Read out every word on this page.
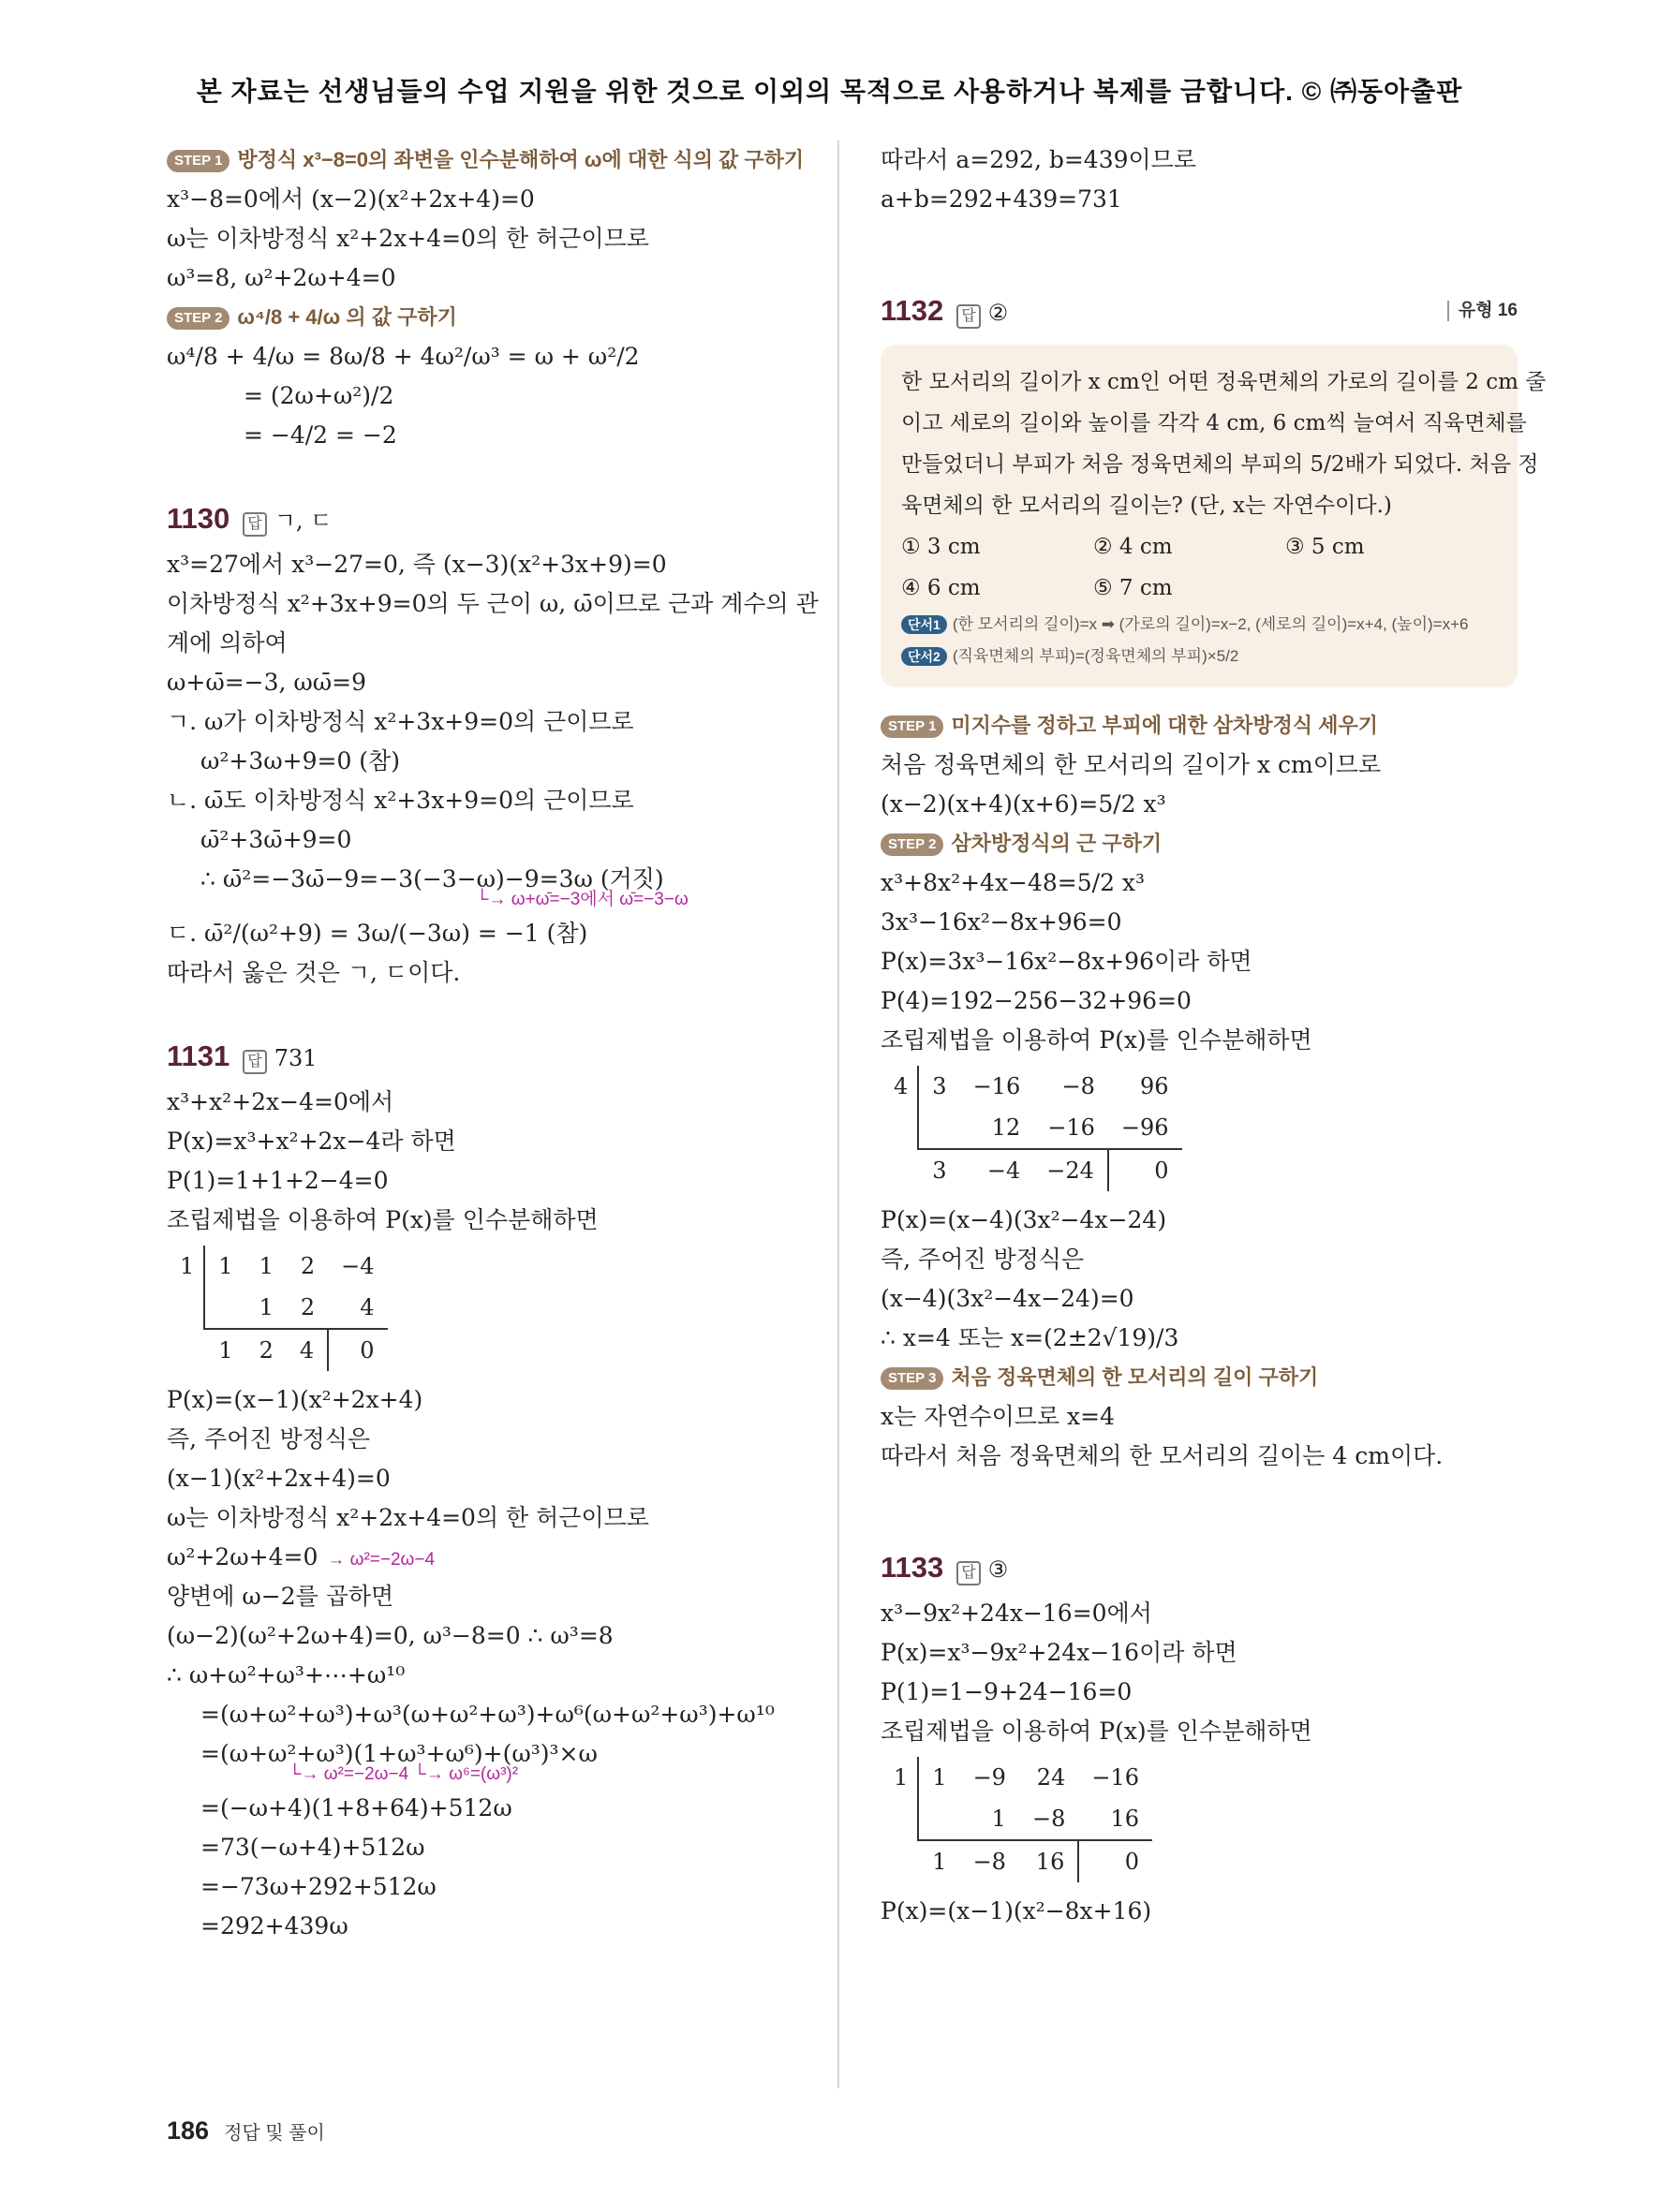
본 자료는 선생님들의 수업 지원을 위한 것으로 이외의 목적으로 사용하거나 복제를 금합니다. © ㈜동아출판
STEP 1 방정식 x³−8=0의 좌변을 인수분해하여 ω에 대한 식의 값 구하기
x³−8=0에서 (x−2)(x²+2x+4)=0
ω는 이차방정식 x²+2x+4=0의 한 허근이므로
ω³=8, ω²+2ω+4=0
STEP 2 ω⁴/8 + 4/ω 의 값 구하기
ω⁴/8 + 4/ω = 8ω/8 + 4ω²/ω³ = ω + ω²/2
= (2ω+ω²)/2
= −4/2 = −2
1130 답 ㄱ, ㄷ
x³=27에서 x³−27=0, 즉 (x−3)(x²+3x+9)=0
이차방정식 x²+3x+9=0의 두 근이 ω, ω̄이므로 근과 계수의 관
계에 의하여
ω+ω̄=−3, ωω̄=9
ㄱ. ω가 이차방정식 x²+3x+9=0의 근이므로
ω²+3ω+9=0 (참)
ㄴ. ω̄도 이차방정식 x²+3x+9=0의 근이므로
ω̄²+3ω̄+9=0
∴ ω̄²=−3ω̄−9=−3(−3−ω)−9=3ω (거짓)
└→ ω+ω̄=−3에서 ω̄=−3−ω
ㄷ. ω̄²/(ω²+9) = 3ω/(−3ω) = −1 (참)
따라서 옳은 것은 ㄱ, ㄷ이다.
1131 답 731
x³+x²+2x−4=0에서
P(x)=x³+x²+2x−4라 하면
P(1)=1+1+2−4=0
조립제법을 이용하여 P(x)를 인수분해하면
1	1	1	2	−4
		1	2	4
	1	2	4	0
P(x)=(x−1)(x²+2x+4)
즉, 주어진 방정식은
(x−1)(x²+2x+4)=0
ω는 이차방정식 x²+2x+4=0의 한 허근이므로
ω²+2ω+4=0 → ω²=−2ω−4
양변에 ω−2를 곱하면
(ω−2)(ω²+2ω+4)=0, ω³−8=0 ∴ ω³=8
∴ ω+ω²+ω³+⋯+ω¹⁰
=(ω+ω²+ω³)+ω³(ω+ω²+ω³)+ω⁶(ω+ω²+ω³)+ω¹⁰
=(ω+ω²+ω³)(1+ω³+ω⁶)+(ω³)³×ω
└→ ω²=−2ω−4 └→ ω⁶=(ω³)²
=(−ω+4)(1+8+64)+512ω
=73(−ω+4)+512ω
=−73ω+292+512ω
=292+439ω
따라서 a=292, b=439이므로
a+b=292+439=731
1132 답 ②	유형 16
한 모서리의 길이가 x cm인 어떤 정육면체의 가로의 길이를 2 cm 줄
이고 세로의 길이와 높이를 각각 4 cm, 6 cm씩 늘여서 직육면체를
만들었더니 부피가 처음 정육면체의 부피의 5/2배가 되었다. 처음 정
육면체의 한 모서리의 길이는? (단, x는 자연수이다.)
① 3 cm	② 4 cm	③ 5 cm
④ 6 cm	⑤ 7 cm
단서1 (한 모서리의 길이)=x ➡ (가로의 길이)=x−2, (세로의 길이)=x+4, (높이)=x+6
단서2 (직육면체의 부피)=(정육면체의 부피)×5/2
STEP 1 미지수를 정하고 부피에 대한 삼차방정식 세우기
처음 정육면체의 한 모서리의 길이가 x cm이므로
(x−2)(x+4)(x+6)=5/2 x³
STEP 2 삼차방정식의 근 구하기
x³+8x²+4x−48=5/2 x³
3x³−16x²−8x+96=0
P(x)=3x³−16x²−8x+96이라 하면
P(4)=192−256−32+96=0
조립제법을 이용하여 P(x)를 인수분해하면
4	3	−16	−8	96
		12	−16	−96
	3	−4	−24	0
P(x)=(x−4)(3x²−4x−24)
즉, 주어진 방정식은
(x−4)(3x²−4x−24)=0
∴ x=4 또는 x=(2±2√19)/3
STEP 3 처음 정육면체의 한 모서리의 길이 구하기
x는 자연수이므로 x=4
따라서 처음 정육면체의 한 모서리의 길이는 4 cm이다.
1133 답 ③
x³−9x²+24x−16=0에서
P(x)=x³−9x²+24x−16이라 하면
P(1)=1−9+24−16=0
조립제법을 이용하여 P(x)를 인수분해하면
1	1	−9	24	−16
		1	−8	16
	1	−8	16	0
P(x)=(x−1)(x²−8x+16)
186 정답 및 풀이
